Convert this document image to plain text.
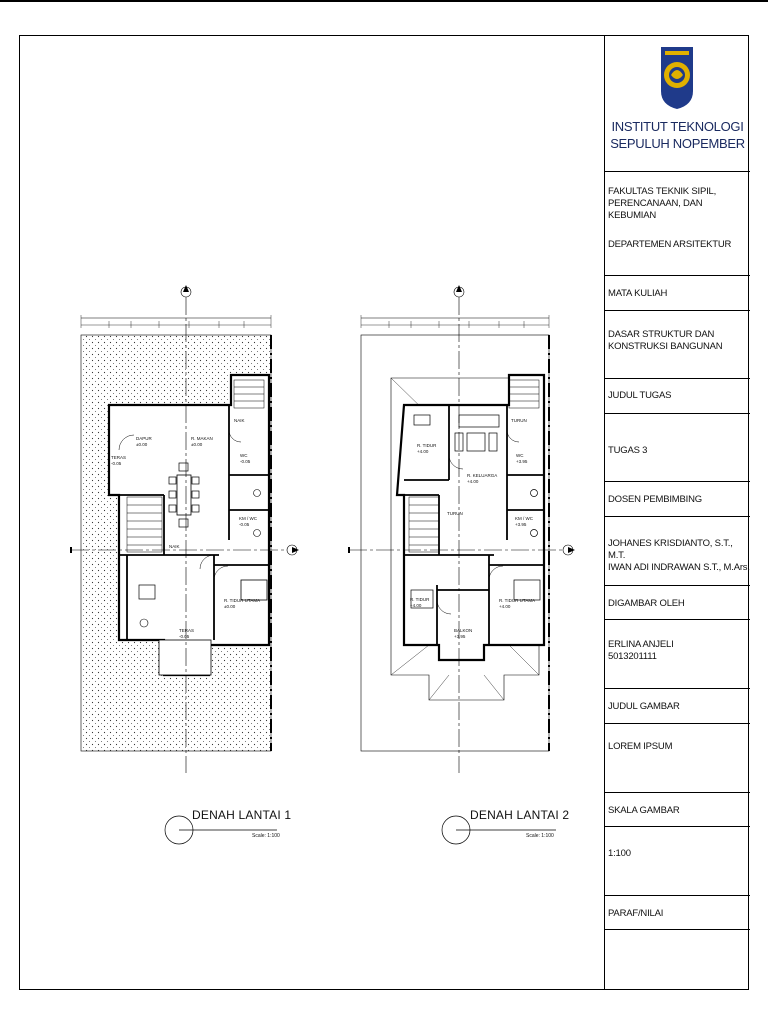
DAPUR
±0.00
R. MAKAN
±0.00
TERAS
-0.05
WC
-0.05
KM / WC
-0.05
R. TIDUR UTAMA
±0.00
TERAS
-0.05
NAIK
NAIK
R. TIDUR
+4.00
R. KELUARGA
+4.00
WC
+3.95
KM / WC
+3.95
R. TIDUR
+4.00
R. TIDUR UTAMA
+4.00
BALKON
+3.95
TURUN
TURUN
DENAH LANTAI 1
Scale: 1:100
DENAH LANTAI 2
Scale: 1:100
INSTITUT TEKNOLOGI SEPULUH NOPEMBER
FAKULTAS TEKNIK SIPIL,
PERENCANAAN, DAN KEBUMIAN
DEPARTEMEN ARSITEKTUR
MATA KULIAH
DASAR STRUKTUR DAN
KONSTRUKSI BANGUNAN
JUDUL TUGAS
TUGAS 3
DOSEN PEMBIMBING
JOHANES KRISDIANTO, S.T., M.T.
IWAN ADI INDRAWAN S.T., M.Ars.
DIGAMBAR OLEH
ERLINA ANJELI
5013201111
JUDUL GAMBAR
LOREM IPSUM
SKALA GAMBAR
1:100
PARAF/NILAI
